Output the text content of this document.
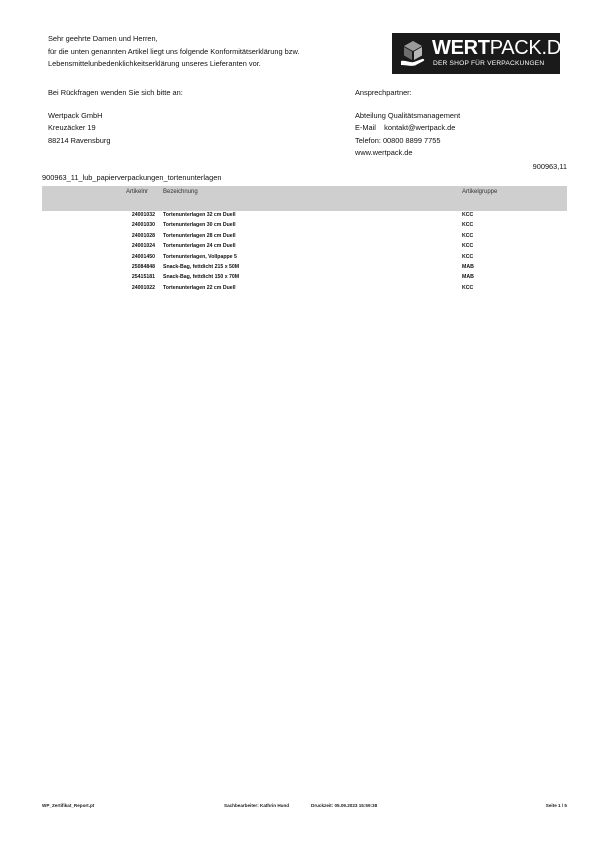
Sehr geehrte Damen und Herren,
für die unten genannten Artikel liegt uns folgende Konformitätserklärung bzw.
Lebensmittelunbedenklichkeitserklärung unseres Lieferanten vor.
WERTPACK.DE
DER SHOP FÜR VERPACKUNGEN
Bei Rückfragen wenden Sie sich bitte an:	Ansprechpartner:
Wertpack GmbH
Kreuzäcker 19
88214 Ravensburg
Abteilung Qualitätsmanagement
E-Mail kontakt@wertpack.de
Telefon: 00800 8899 7755
www.wertpack.de
900963,11
900963_11_lub_papierverpackungen_tortenunterlagen
Artikelnr Bezeichnung	Artikelgruppe
24001032 Tortenunterlagen 32 cm Duell	KCC
24001030 Tortenunterlagen 30 cm Duell	KCC
24001028 Tortenunterlagen 28 cm Duell	KCC
24001024 Tortenunterlagen 24 cm Duell	KCC
24001450 Tortenunterlagen, Vollpappe 5	KCC
25084848 Snack-Bag, fettdicht 215 x 50M	MAB
25415181 Snack-Bag, fettdicht 150 x 70M	MAB
24001022 Tortenunterlagen 22 cm Duell	KCC
WP_Zertifikat_Report.pt	Sachbearbeiter: Kathrin Hund	Druckzeit: 05.09.2023 15:59:38	Seite 1 / 5
